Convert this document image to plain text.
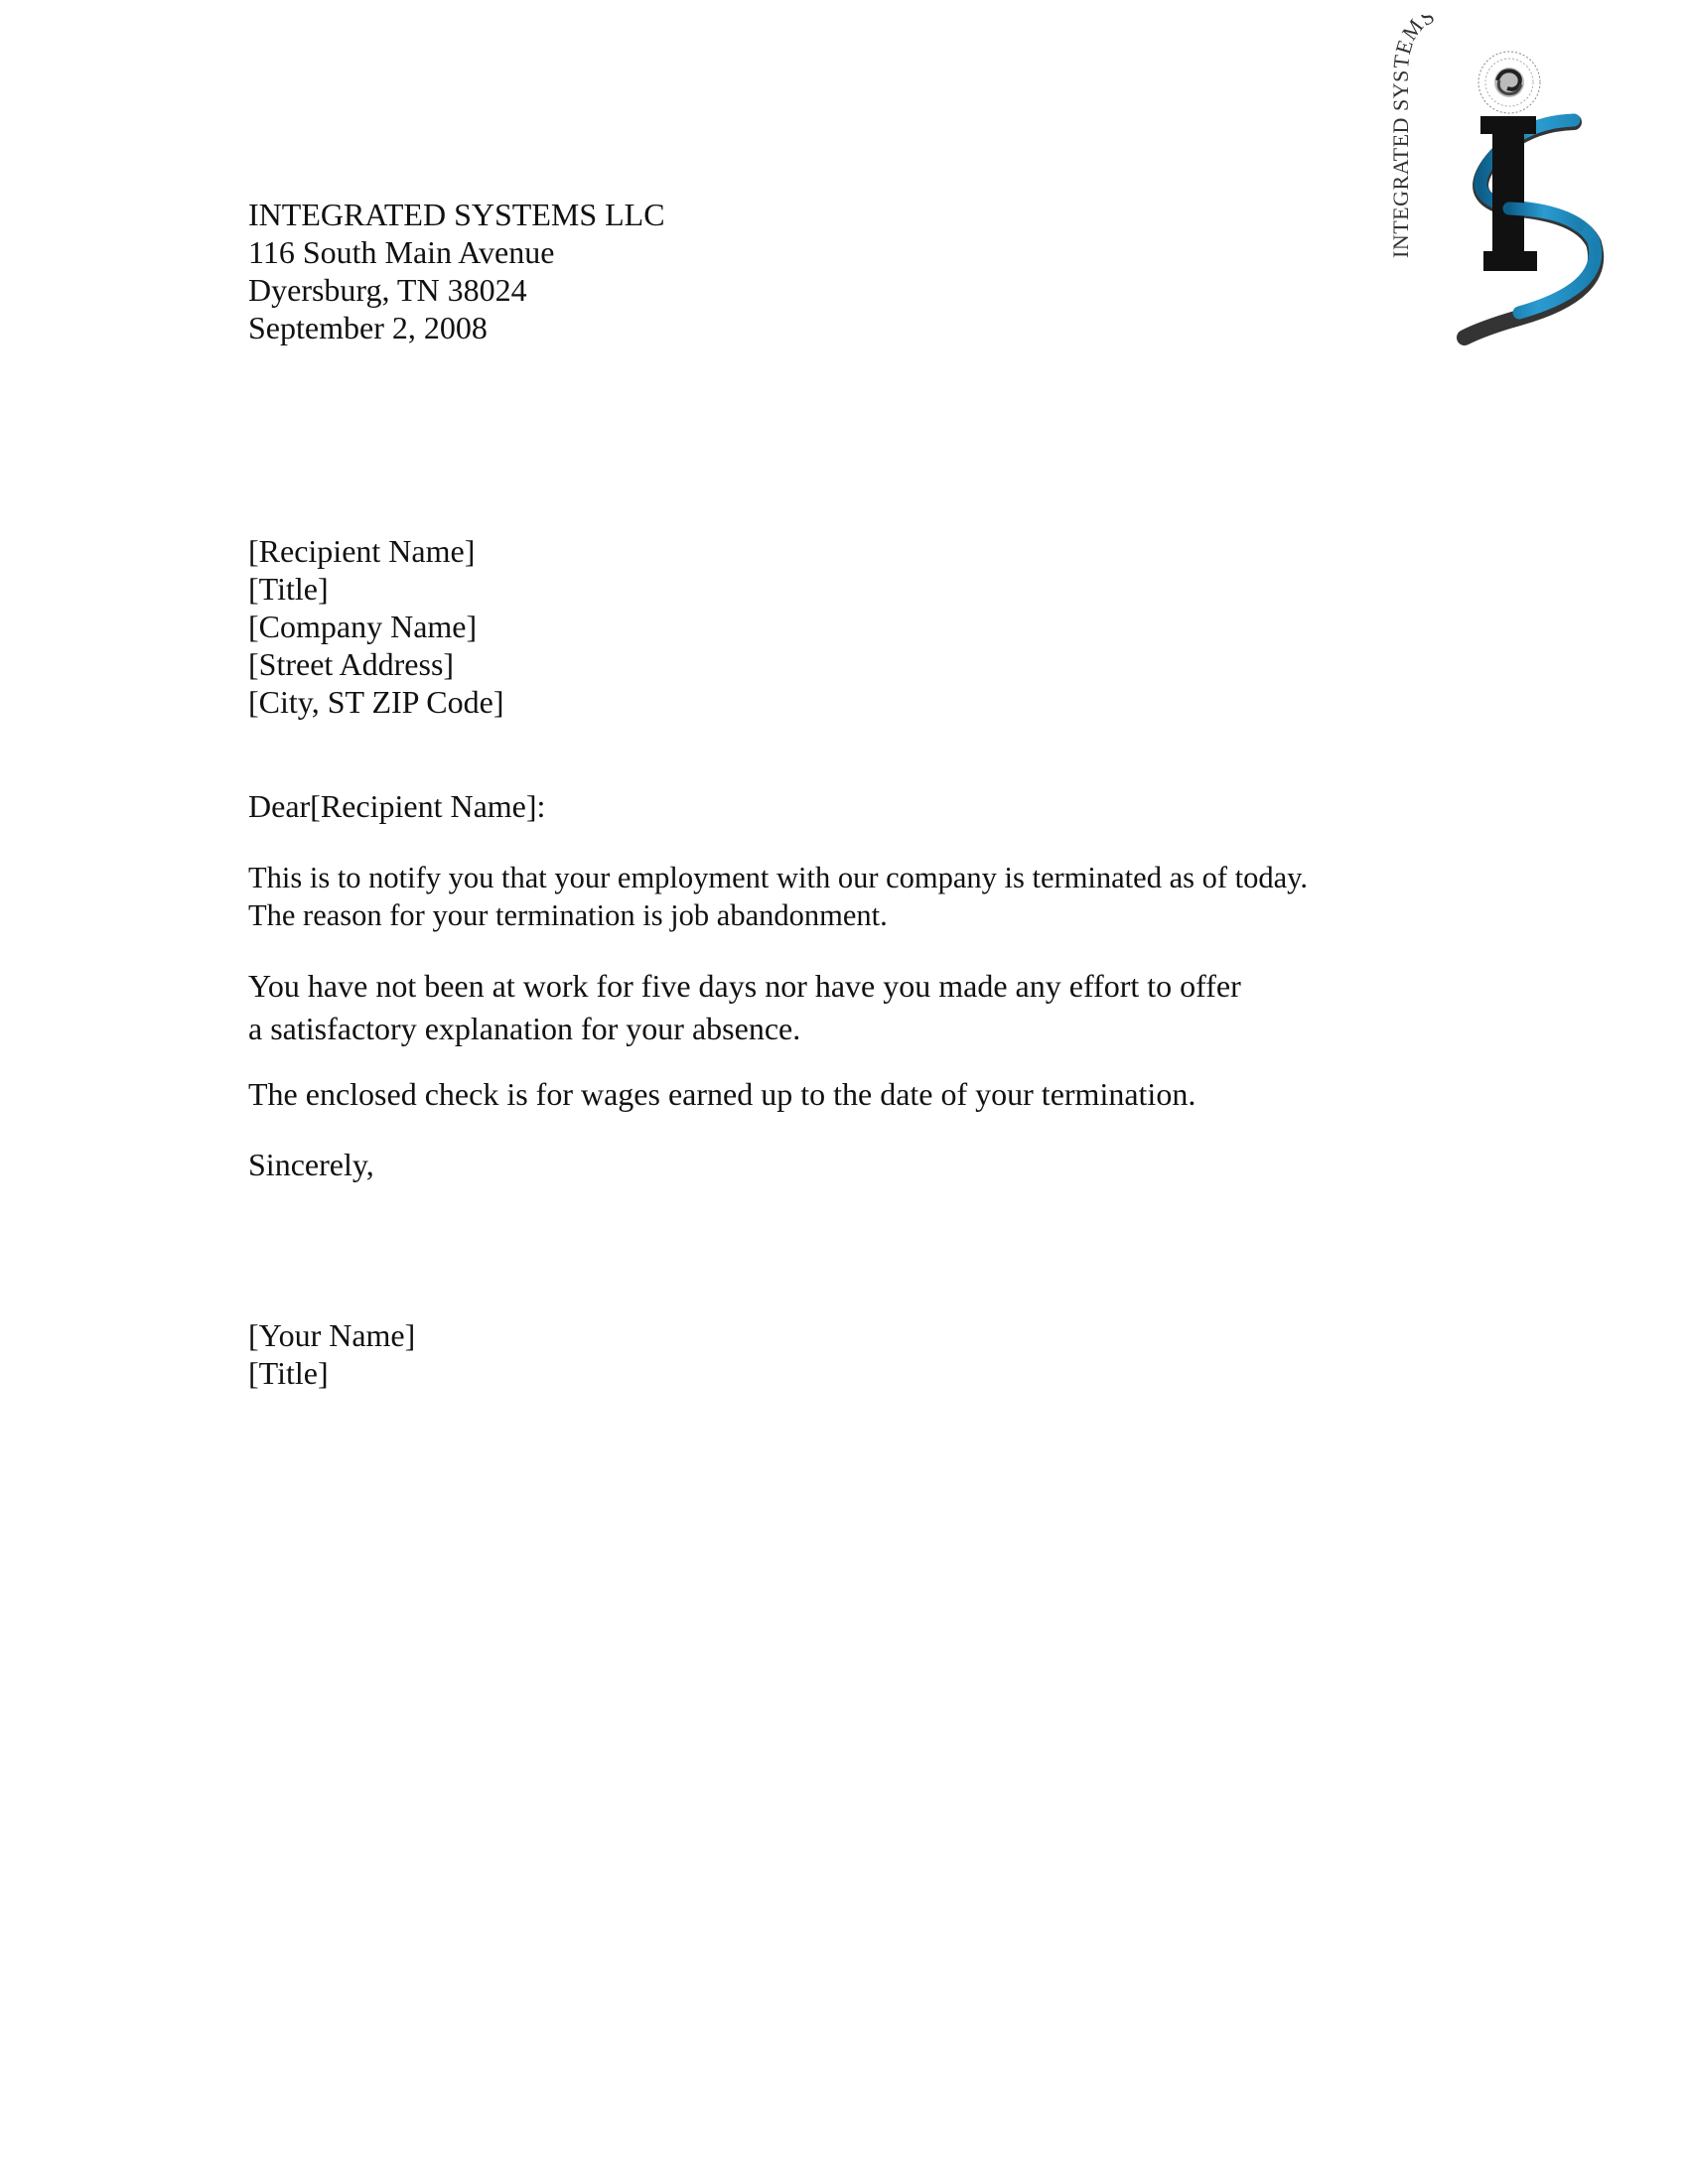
INTEGRATED SYSTEMS
INTEGRATED SYSTEMS LLC
116 South Main Avenue
Dyersburg, TN 38024
September 2, 2008
[Recipient Name]
[Title]
[Company Name]
[Street Address]
[City, ST ZIP Code]
Dear[Recipient Name]:
This is to notify you that your employment with our company is terminated as of today.
The reason for your termination is job abandonment.
You have not been at work for five days nor have you made any effort to offer
a satisfactory explanation for your absence.
The enclosed check is for wages earned up to the date of your termination.
Sincerely,
[Your Name]
[Title]
